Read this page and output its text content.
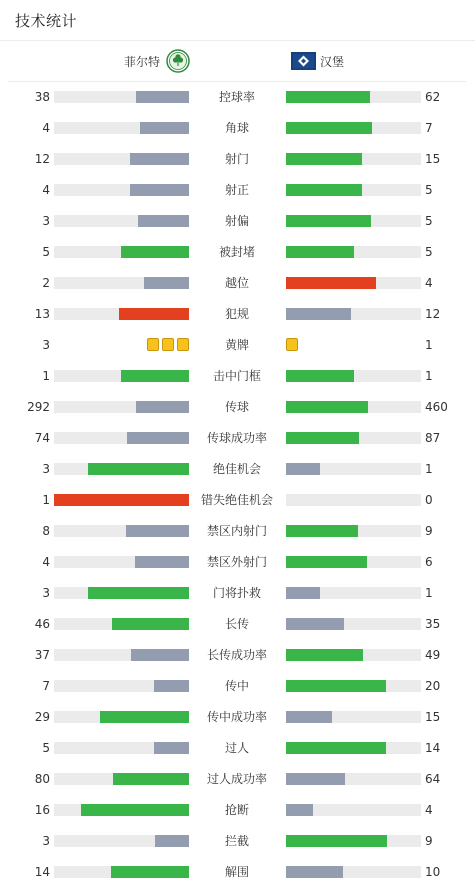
技术统计
菲尔特	汉堡
38	控球率	62
4	角球	7
12	射门	15
4	射正	5
3	射偏	5
5	被封堵	5
2	越位	4
13	犯规	12
3	黄牌	1
1	击中门框	1
292	传球	460
74	传球成功率	87
3	绝佳机会	1
1	错失绝佳机会	0
8	禁区内射门	9
4	禁区外射门	6
3	门将扑救	1
46	长传	35
37	长传成功率	49
7	传中	20
29	传中成功率	15
5	过人	14
80	过人成功率	64
16	抢断	4
3	拦截	9
14	解围	10
